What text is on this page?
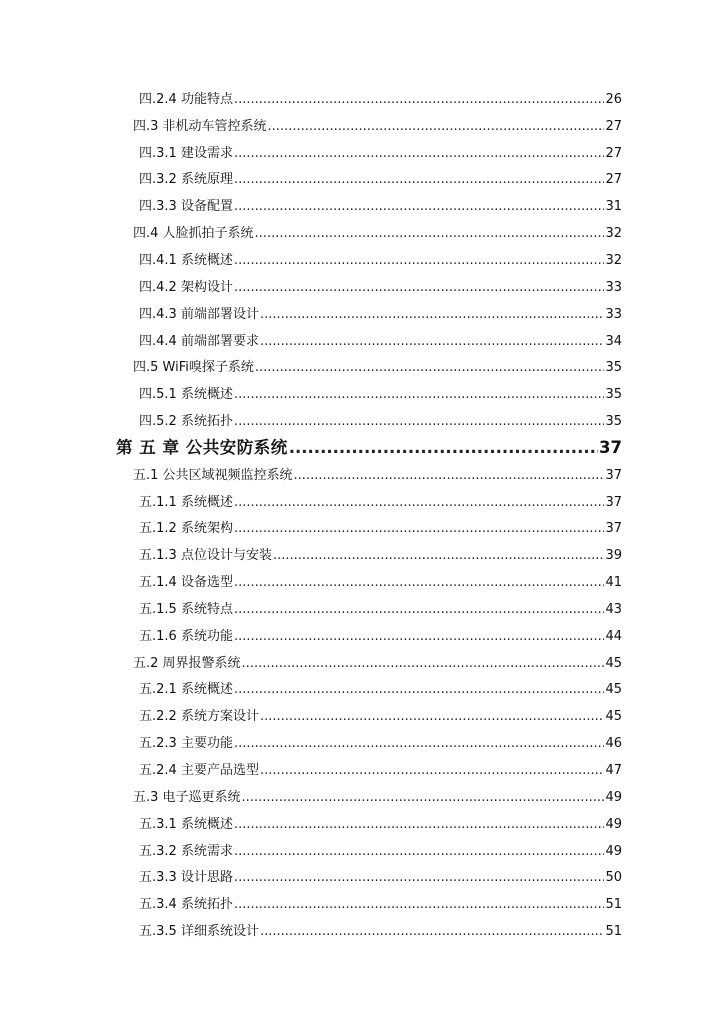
四.2.4 功能特点 .....	26
四.3 非机动车管控系统 .....	27
四.3.1 建设需求 .....	27
四.3.2 系统原理 .....	27
四.3.3 设备配置 .....	31
四.4 人脸抓拍子系统 .....	32
四.4.1 系统概述 .....	32
四.4.2 架构设计 .....	33
四.4.3 前端部署设计 .....	33
四.4.4 前端部署要求 .....	34
四.5 WiFi嗅探子系统 .....	35
四.5.1 系统概述 .....	35
四.5.2 系统拓扑 .....	35
第 五 章 公共安防系统 .....	37
五.1 公共区域视频监控系统 .....	37
五.1.1 系统概述 .....	37
五.1.2 系统架构 .....	37
五.1.3 点位设计与安装 .....	39
五.1.4 设备选型 .....	41
五.1.5 系统特点 .....	43
五.1.6 系统功能 .....	44
五.2 周界报警系统 .....	45
五.2.1 系统概述 .....	45
五.2.2 系统方案设计 .....	45
五.2.3 主要功能 .....	46
五.2.4 主要产品选型 .....	47
五.3 电子巡更系统 .....	49
五.3.1 系统概述 .....	49
五.3.2 系统需求 .....	49
五.3.3 设计思路 .....	50
五.3.4 系统拓扑 .....	51
五.3.5 详细系统设计 .....	51
